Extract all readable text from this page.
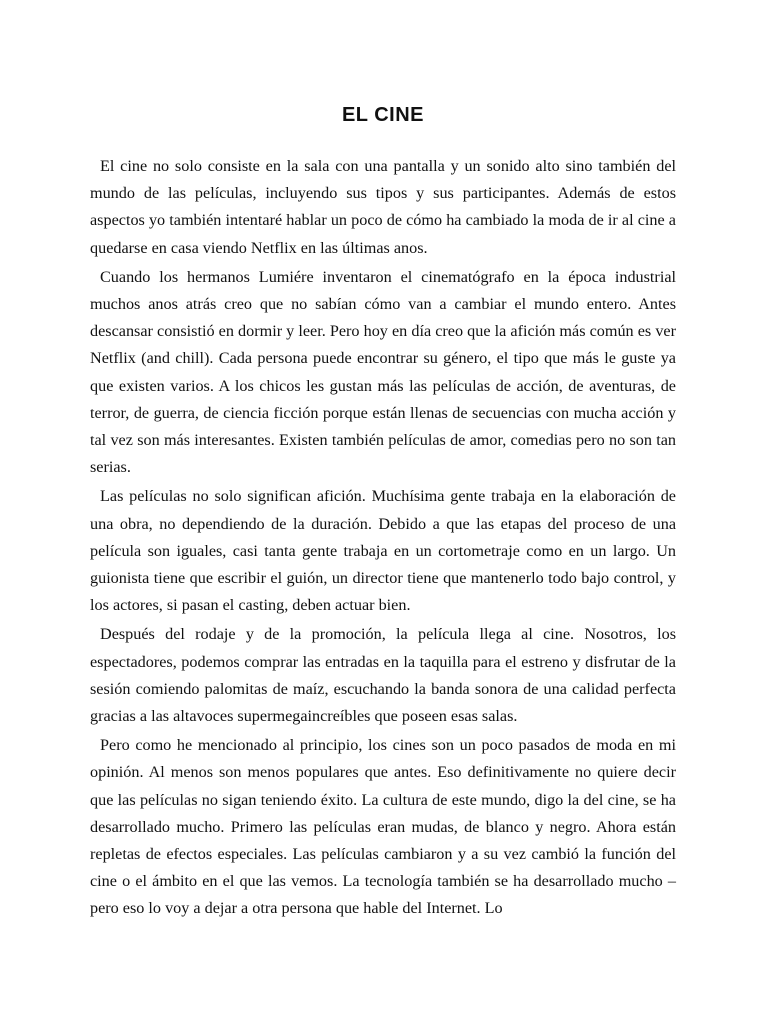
EL CINE

El cine no solo consiste en la sala con una pantalla y un sonido alto sino también del mundo de las películas, incluyendo sus tipos y sus participantes. Además de estos aspectos yo también intentaré hablar un poco de cómo ha cambiado la moda de ir al cine a quedarse en casa viendo Netflix en las últimas anos.

Cuando los hermanos Lumiére inventaron el cinematógrafo en la época industrial muchos anos atrás creo que no sabían cómo van a cambiar el mundo entero. Antes descansar consistió en dormir y leer. Pero hoy en día creo que la afición más común es ver Netflix (and chill). Cada persona puede encontrar su género, el tipo que más le guste ya que existen varios. A los chicos les gustan más las películas de acción, de aventuras, de terror, de guerra, de ciencia ficción porque están llenas de secuencias con mucha acción y tal vez son más interesantes. Existen también películas de amor, comedias pero no son tan serias.

Las películas no solo significan afición. Muchísima gente trabaja en la elaboración de una obra, no dependiendo de la duración. Debido a que las etapas del proceso de una película son iguales, casi tanta gente trabaja en un cortometraje como en un largo. Un guionista tiene que escribir el guión, un director tiene que mantenerlo todo bajo control, y los actores, si pasan el casting, deben actuar bien.

Después del rodaje y de la promoción, la película llega al cine. Nosotros, los espectadores, podemos comprar las entradas en la taquilla para el estreno y disfrutar de la sesión comiendo palomitas de maíz, escuchando la banda sonora de una calidad perfecta gracias a las altavoces supermegaincreíbles que poseen esas salas.

Pero como he mencionado al principio, los cines son un poco pasados de moda en mi opinión. Al menos son menos populares que antes. Eso definitivamente no quiere decir que las películas no sigan teniendo éxito. La cultura de este mundo, digo la del cine, se ha desarrollado mucho. Primero las películas eran mudas, de blanco y negro. Ahora están repletas de efectos especiales. Las películas cambiaron y a su vez cambió la función del cine o el ámbito en el que las vemos. La tecnología también se ha desarrollado mucho – pero eso lo voy a dejar a otra persona que hable del Internet. Lo
